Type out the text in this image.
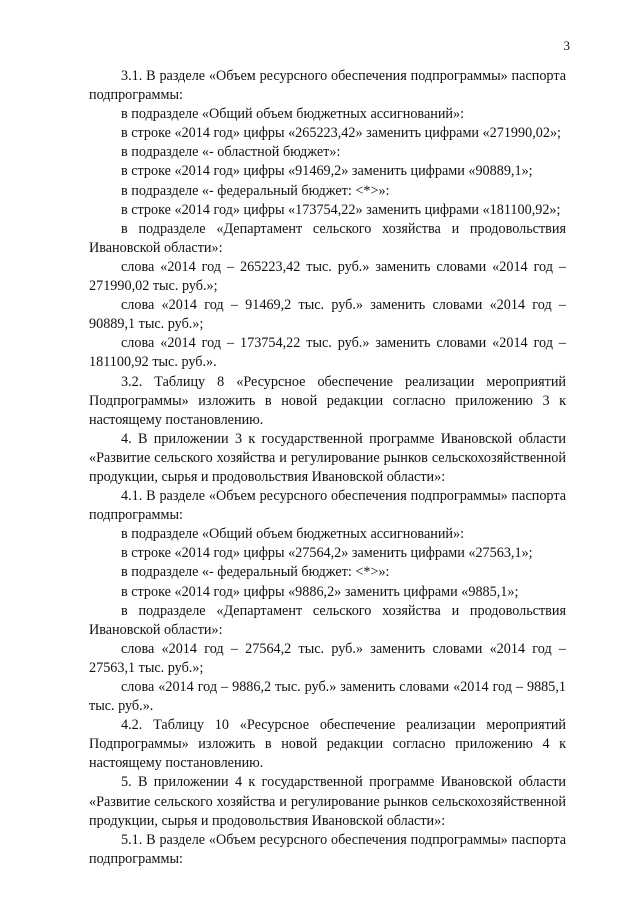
3

3.1. В разделе «Объем ресурсного обеспечения подпрограммы» паспорта подпрограммы:

в подразделе «Общий объем бюджетных ассигнований»:

в строке «2014 год» цифры «265223,42» заменить цифрами «271990,02»;

в подразделе «- областной бюджет»:

в строке «2014 год» цифры «91469,2» заменить цифрами «90889,1»;

в подразделе «- федеральный бюджет: <*>»:

в строке «2014 год» цифры «173754,22» заменить цифрами «181100,92»;

в подразделе «Департамент сельского хозяйства и продовольствия Ивановской области»:

слова «2014 год – 265223,42 тыс. руб.» заменить словами «2014 год – 271990,02 тыс. руб.»;

слова «2014 год – 91469,2 тыс. руб.» заменить словами «2014 год – 90889,1 тыс. руб.»;

слова «2014 год – 173754,22 тыс. руб.» заменить словами «2014 год – 181100,92 тыс. руб.».

3.2. Таблицу 8 «Ресурсное обеспечение реализации мероприятий Подпрограммы» изложить в новой редакции согласно приложению 3 к настоящему постановлению.

4. В приложении 3 к государственной программе Ивановской области «Развитие сельского хозяйства и регулирование рынков сельскохозяйственной продукции, сырья и продовольствия Ивановской области»:

4.1. В разделе «Объем ресурсного обеспечения подпрограммы» паспорта подпрограммы:

в подразделе «Общий объем бюджетных ассигнований»:

в строке «2014 год» цифры «27564,2» заменить цифрами «27563,1»;

в подразделе «- федеральный бюджет: <*>»:

в строке «2014 год» цифры «9886,2» заменить цифрами «9885,1»;

в подразделе «Департамент сельского хозяйства и продовольствия Ивановской области»:

слова «2014 год – 27564,2 тыс. руб.» заменить словами «2014 год – 27563,1 тыс. руб.»;

слова «2014 год – 9886,2 тыс. руб.» заменить словами «2014 год – 9885,1 тыс. руб.».

4.2. Таблицу 10 «Ресурсное обеспечение реализации мероприятий Подпрограммы» изложить в новой редакции согласно приложению 4 к настоящему постановлению.

5. В приложении 4 к государственной программе Ивановской области «Развитие сельского хозяйства и регулирование рынков сельскохозяйственной продукции, сырья и продовольствия Ивановской области»:

5.1. В разделе «Объем ресурсного обеспечения подпрограммы» паспорта подпрограммы:
